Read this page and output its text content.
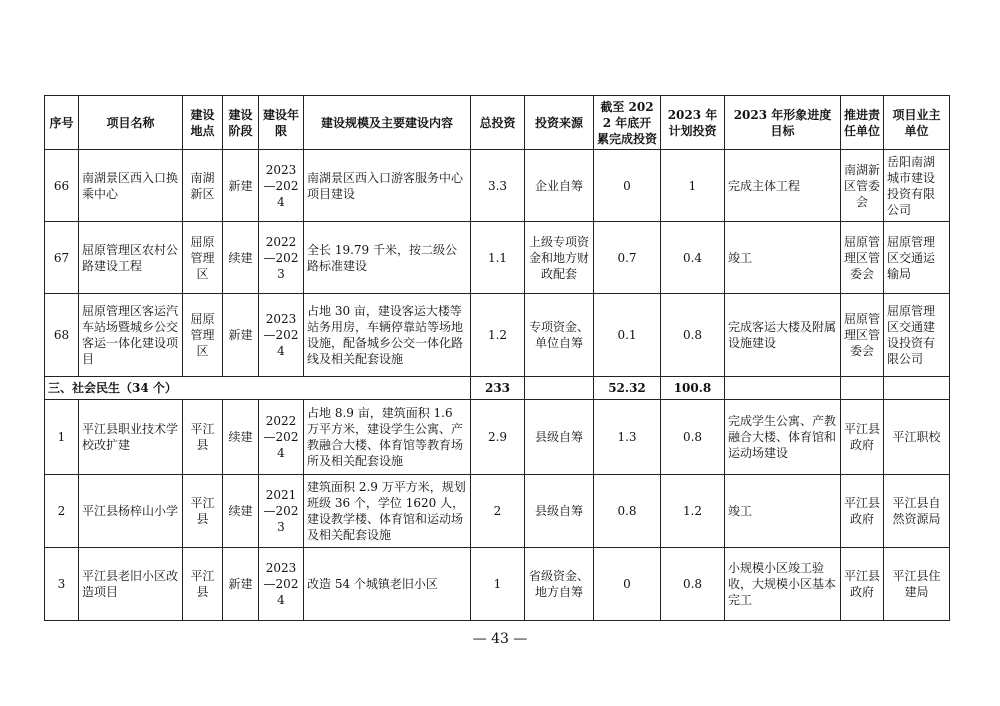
序号	项目名称	建设地点	建设阶段	建设年限	建设规模及主要建设内容	总投资	投资来源	截至 2022 年底开累完成投资	2023 年计划投资	2023 年形象进度目标	推进责任单位	项目业主单位
66	南湖景区西入口换乘中心	南湖新区	新建	2023—2024	南湖景区西入口游客服务中心项目建设	3.3	企业自筹	0	1	完成主体工程	南湖新区管委会	岳阳南湖城市建设投资有限公司
67	屈原管理区农村公路建设工程	屈原管理区	续建	2022—2023	全长 19.79 千米，按二级公路标准建设	1.1	上级专项资金和地方财政配套	0.7	0.4	竣工	屈原管理区管委会	屈原管理区交通运输局
68	屈原管理区客运汽车站场暨城乡公交客运一体化建设项目	屈原管理区	新建	2023—2024	占地 30 亩，建设客运大楼等站务用房，车辆停靠站等场地设施，配备城乡公交一体化路线及相关配套设施	1.2	专项资金、单位自筹	0.1	0.8	完成客运大楼及附属设施建设	屈原管理区管委会	屈原管理区交通建设投资有限公司
三、社会民生（34 个）						233		52.32	100.8			
1	平江县职业技术学校改扩建	平江县	续建	2022—2024	占地 8.9 亩，建筑面积 1.6 万平方米，建设学生公寓、产教融合大楼、体育馆等教育场所及相关配套设施	2.9	县级自筹	1.3	0.8	完成学生公寓、产教融合大楼、体育馆和运动场建设	平江县政府	平江职校
2	平江县杨梓山小学	平江县	续建	2021—2023	建筑面积 2.9 万平方米，规划班级 36 个，学位 1620 人，建设教学楼、体育馆和运动场及相关配套设施	2	县级自筹	0.8	1.2	竣工	平江县政府	平江县自然资源局
3	平江县老旧小区改造项目	平江县	新建	2023—2024	改造 54 个城镇老旧小区	1	省级资金、地方自筹	0	0.8	小规模小区竣工验收，大规模小区基本完工	平江县政府	平江县住建局
— 43 —
